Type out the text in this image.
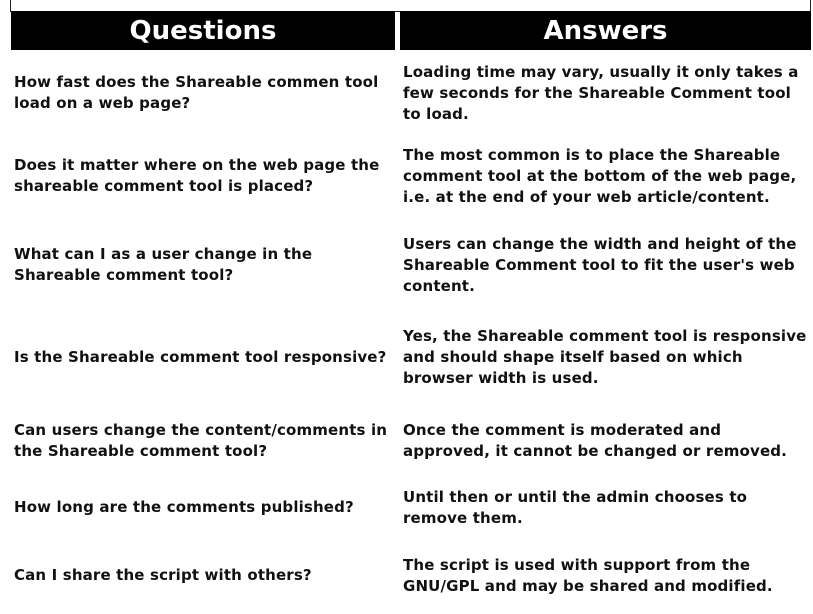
Questions	Answers
How fast does the Shareable commen tool load on a web page?
Loading time may vary, usually it only takes a few seconds for the Shareable Comment tool to load.
Does it matter where on the web page the shareable comment tool is placed?
The most common is to place the Shareable comment tool at the bottom of the web page, i.e. at the end of your web article/content.
What can I as a user change in the Shareable comment tool?
Users can change the width and height of the Shareable Comment tool to fit the user's web content.
Is the Shareable comment tool responsive?
Yes, the Shareable comment tool is responsive and should shape itself based on which browser width is used.
Can users change the content/comments in the Shareable comment tool?
Once the comment is moderated and approved, it cannot be changed or removed.
How long are the comments published?
Until then or until the admin chooses to remove them.
Can I share the script with others?
The script is used with support from the GNU/GPL and may be shared and modified.
